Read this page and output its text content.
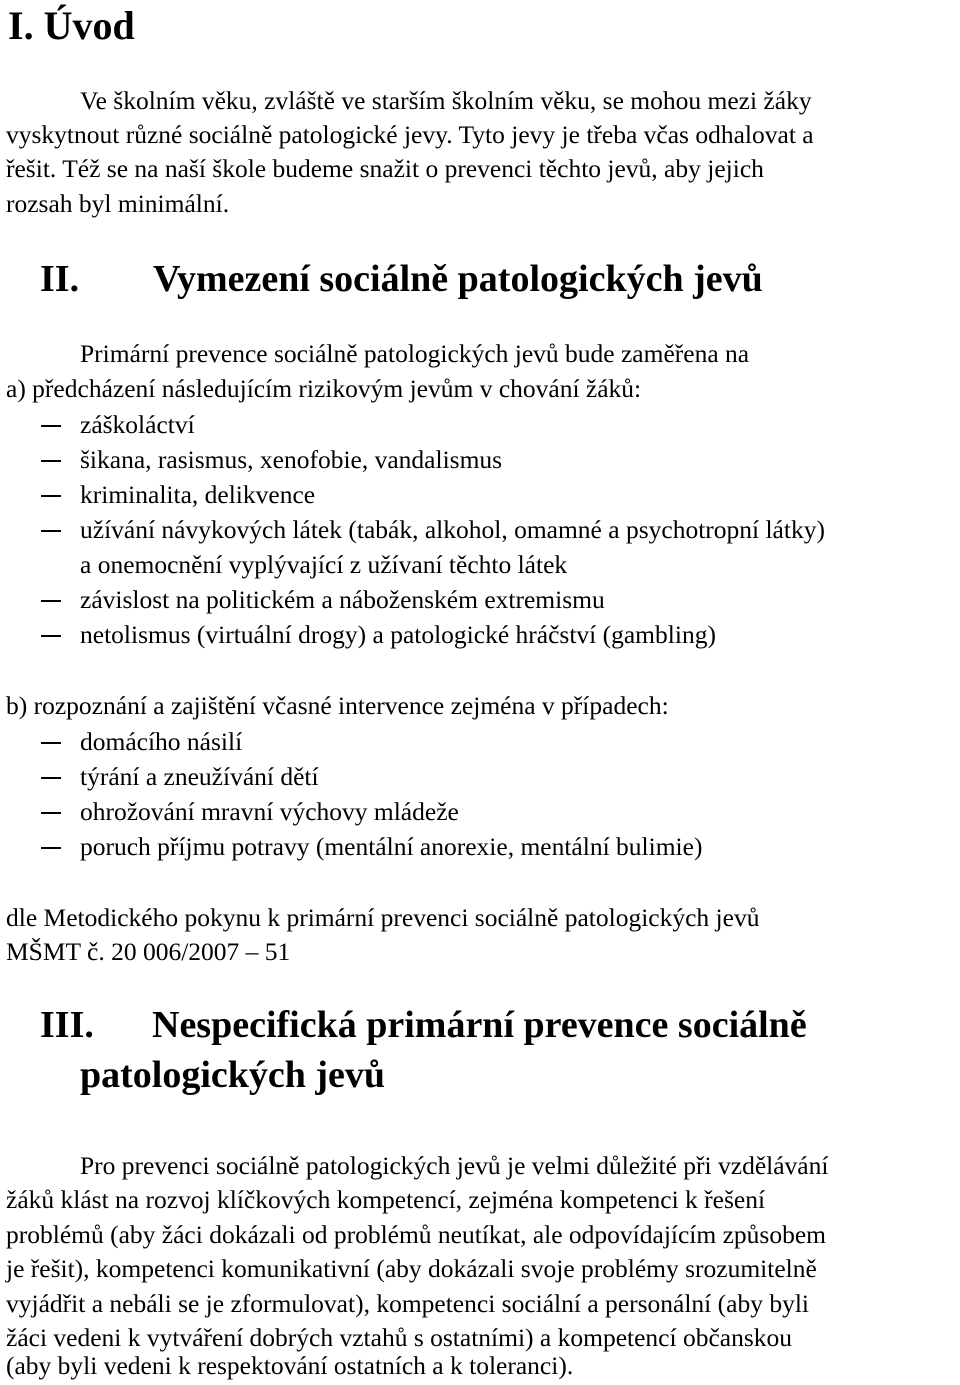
I. Úvod
Ve školním věku, zvláště ve starším školním věku, se mohou mezi žáky
vyskytnout různé sociálně patologické jevy. Tyto jevy je třeba včas odhalovat a
řešit. Též se na naší škole budeme snažit o prevenci těchto jevů, aby jejich
rozsah byl minimální.
II. Vymezení sociálně patologických jevů
Primární prevence sociálně patologických jevů bude zaměřena na
a) předcházení následujícím rizikovým jevům v chování žáků:
záškoláctví
šikana, rasismus, xenofobie, vandalismus
kriminalita, delikvence
užívání návykových látek (tabák, alkohol, omamné a psychotropní látky)
a onemocnění vyplývající z užívaní těchto látek
závislost na politickém a náboženském extremismu
netolismus (virtuální drogy) a patologické hráčství (gambling)
b) rozpoznání a zajištění včasné intervence zejména v případech:
domácího násilí
týrání a zneužívání dětí
ohrožování mravní výchovy mládeže
poruch příjmu potravy (mentální anorexie, mentální bulimie)
dle Metodického pokynu k primární prevenci sociálně patologických jevů
MŠMT č. 20 006/2007 – 51
III. Nespecifická primární prevence sociálně
patologických jevů
Pro prevenci sociálně patologických jevů je velmi důležité při vzdělávání
žáků klást na rozvoj klíčkových kompetencí, zejména kompetenci k řešení
problémů (aby žáci dokázali od problémů neutíkat, ale odpovídajícím způsobem
je řešit), kompetenci komunikativní (aby dokázali svoje problémy srozumitelně
vyjádřit a nebáli se je zformulovat), kompetenci sociální a personální (aby byli
žáci vedeni k vytváření dobrých vztahů s ostatními) a kompetencí občanskou
(aby byli vedeni k respektování ostatních a k toleranci).
